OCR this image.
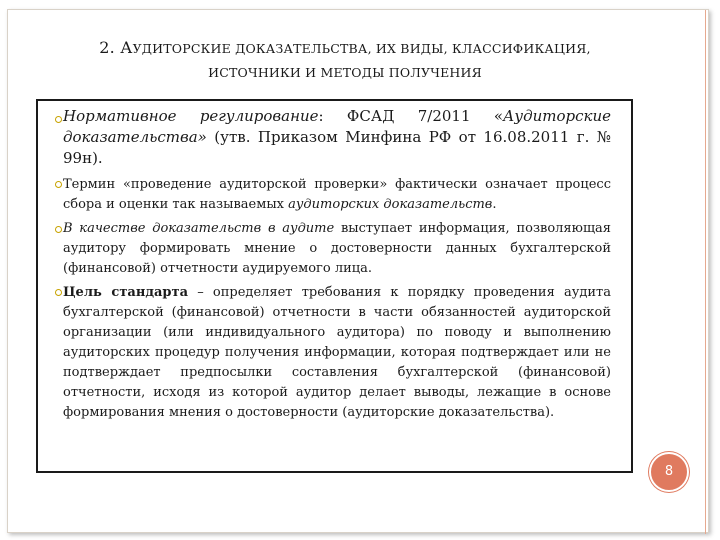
2. АУДИТОРСКИЕ ДОКАЗАТЕЛЬСТВА, ИХ ВИДЫ, КЛАССИФИКАЦИЯ,
ИСТОЧНИКИ И МЕТОДЫ ПОЛУЧЕНИЯ
Нормативное регулирование: ФСАД 7/2011 «Аудиторские доказательства» (утв. Приказом Минфина РФ от 16.08.2011 г. № 99н).
Термин «проведение аудиторской проверки» фактически означает процесс сбора и оценки так называемых аудиторских доказательств.
В качестве доказательств в аудите выступает информация, позволяющая аудитору формировать мнение о достоверности данных бухгалтерской (финансовой) отчетности аудируемого лица.
Цель стандарта – определяет требования к порядку проведения аудита бухгалтерской (финансовой) отчетности в части обязанностей аудиторской организации (или индивидуального аудитора) по поводу и выполнению аудиторских процедур получения информации, которая подтверждает или не подтверждает предпосылки составления бухгалтерской (финансовой) отчетности, исходя из которой аудитор делает выводы, лежащие в основе формирования мнения о достоверности (аудиторские доказательства).
8
